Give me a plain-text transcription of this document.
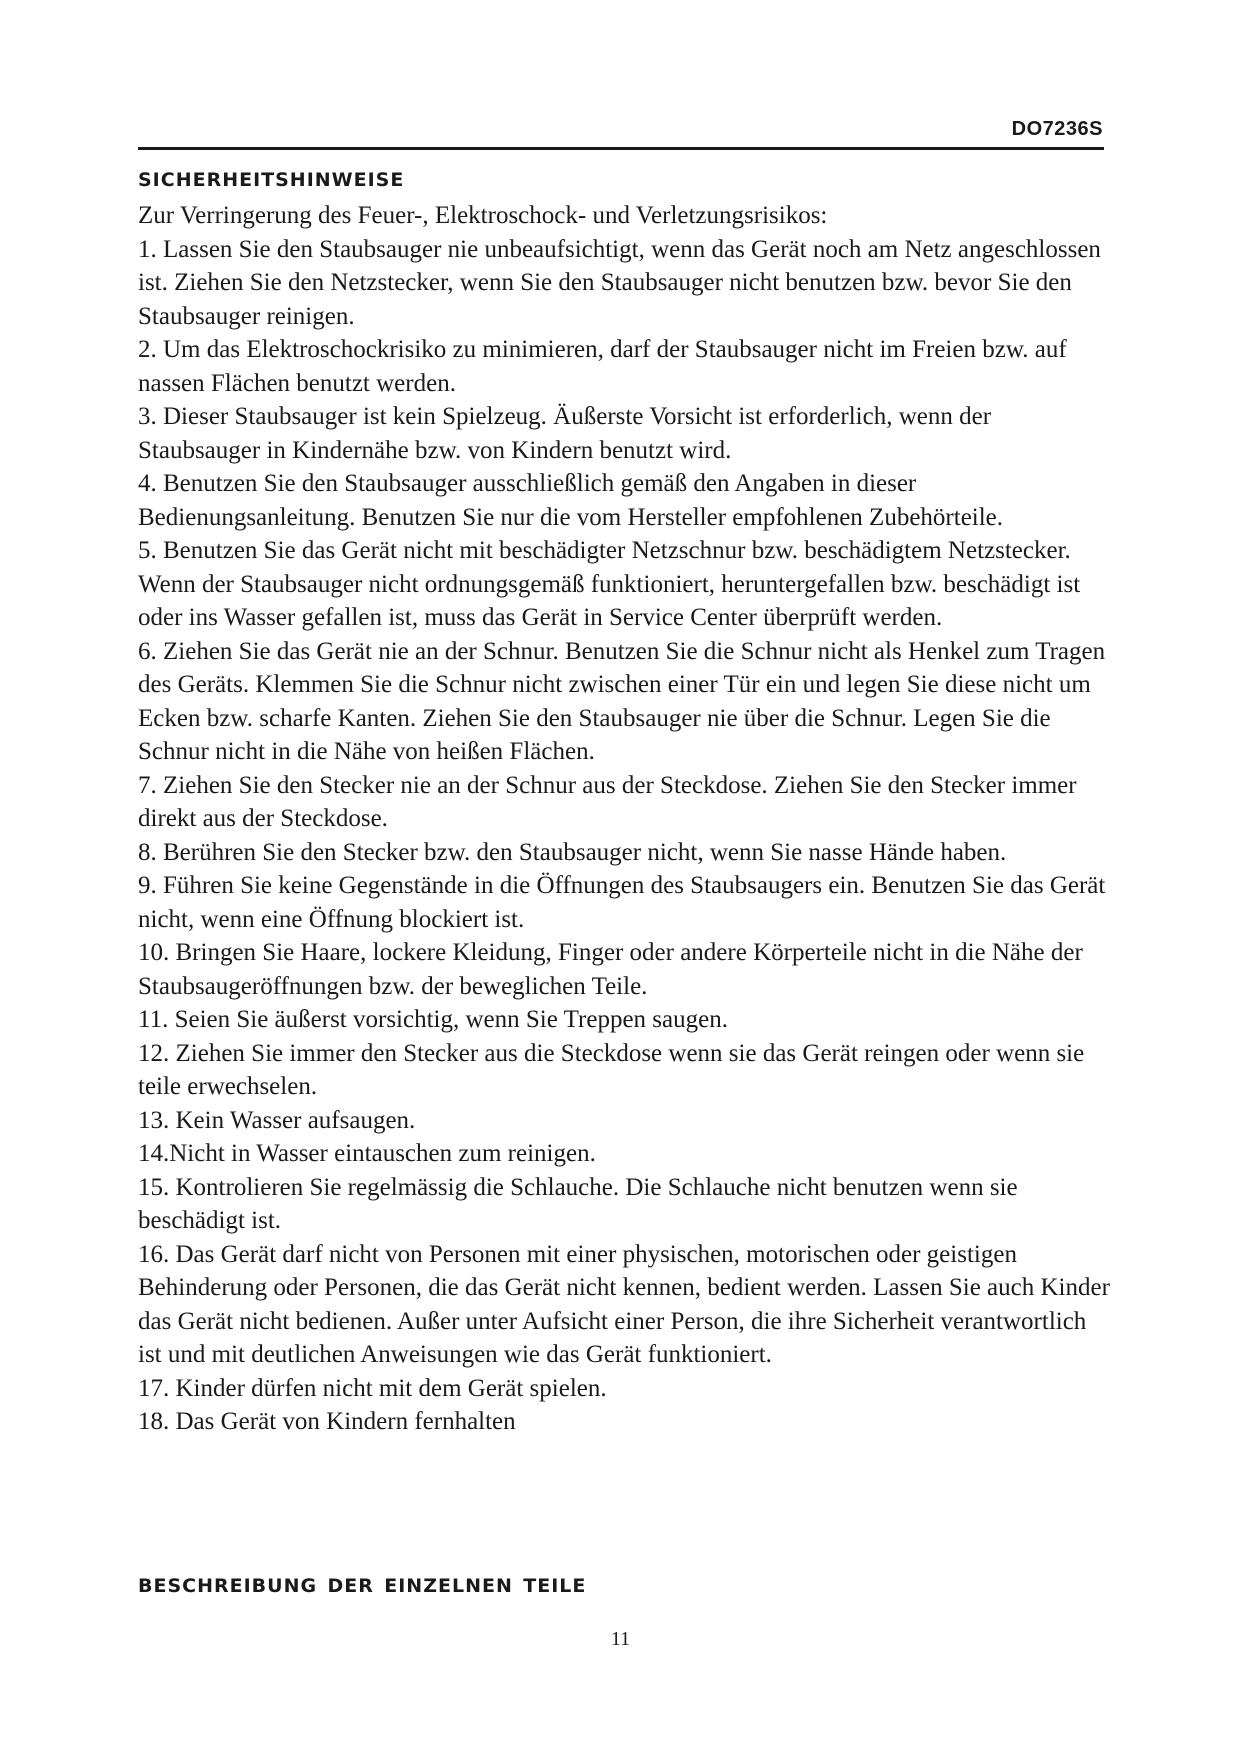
DO7236S
sicherheitshinweise

Zur Verringerung des Feuer-, Elektroschock- und Verletzungsrisikos:

1. Lassen Sie den Staubsauger nie unbeaufsichtigt, wenn das Gerät noch am Netz angeschlossen ist. Ziehen Sie den Netzstecker, wenn Sie den Staubsauger nicht benutzen bzw. bevor Sie den Staubsauger reinigen.

2. Um das Elektroschockrisiko zu minimieren, darf der Staubsauger nicht im Freien bzw. auf nassen Flächen benutzt werden.

3. Dieser Staubsauger ist kein Spielzeug. Äußerste Vorsicht ist erforderlich, wenn der Staubsauger in Kindernähe bzw. von Kindern benutzt wird.

4. Benutzen Sie den Staubsauger ausschließlich gemäß den Angaben in dieser Bedienungsanleitung. Benutzen Sie nur die vom Hersteller empfohlenen Zubehörteile.

5. Benutzen Sie das Gerät nicht mit beschädigter Netzschnur bzw. beschädigtem Netzstecker. Wenn der Staubsauger nicht ordnungsgemäß funktioniert, heruntergefallen bzw. beschädigt ist oder ins Wasser gefallen ist, muss das Gerät in Service Center überprüft werden.

6. Ziehen Sie das Gerät nie an der Schnur. Benutzen Sie die Schnur nicht als Henkel zum Tragen des Geräts. Klemmen Sie die Schnur nicht zwischen einer Tür ein und legen Sie diese nicht um Ecken bzw. scharfe Kanten. Ziehen Sie den Staubsauger nie über die Schnur. Legen Sie die Schnur nicht in die Nähe von heißen Flächen.

7. Ziehen Sie den Stecker nie an der Schnur aus der Steckdose. Ziehen Sie den Stecker immer direkt aus der Steckdose.

8. Berühren Sie den Stecker bzw. den Staubsauger nicht, wenn Sie nasse Hände haben.

9. Führen Sie keine Gegenstände in die Öffnungen des Staubsaugers ein. Benutzen Sie das Gerät nicht, wenn eine Öffnung blockiert ist.

10. Bringen Sie Haare, lockere Kleidung, Finger oder andere Körperteile nicht in die Nähe der Staubsaugeröffnungen bzw. der beweglichen Teile.

11. Seien Sie äußerst vorsichtig, wenn Sie Treppen saugen.

12. Ziehen Sie immer den Stecker aus die Steckdose wenn sie das Gerät reingen oder wenn sie teile erwechselen.

13. Kein Wasser aufsaugen.

14.Nicht in Wasser eintauschen zum reinigen.

15. Kontrolieren Sie regelmässig die Schlauche. Die Schlauche nicht benutzen wenn sie beschädigt ist.

16. Das Gerät darf nicht von Personen mit einer physischen, motorischen oder geistigen Behinderung oder Personen, die das Gerät nicht kennen, bedient werden. Lassen Sie auch Kinder das Gerät nicht bedienen. Außer unter Aufsicht einer Person, die ihre Sicherheit verantwortlich ist und mit deutlichen Anweisungen wie das Gerät funktioniert.

17. Kinder dürfen nicht mit dem Gerät spielen.

18. Das Gerät von Kindern fernhalten

beschreibung der einzelnen teile
11
